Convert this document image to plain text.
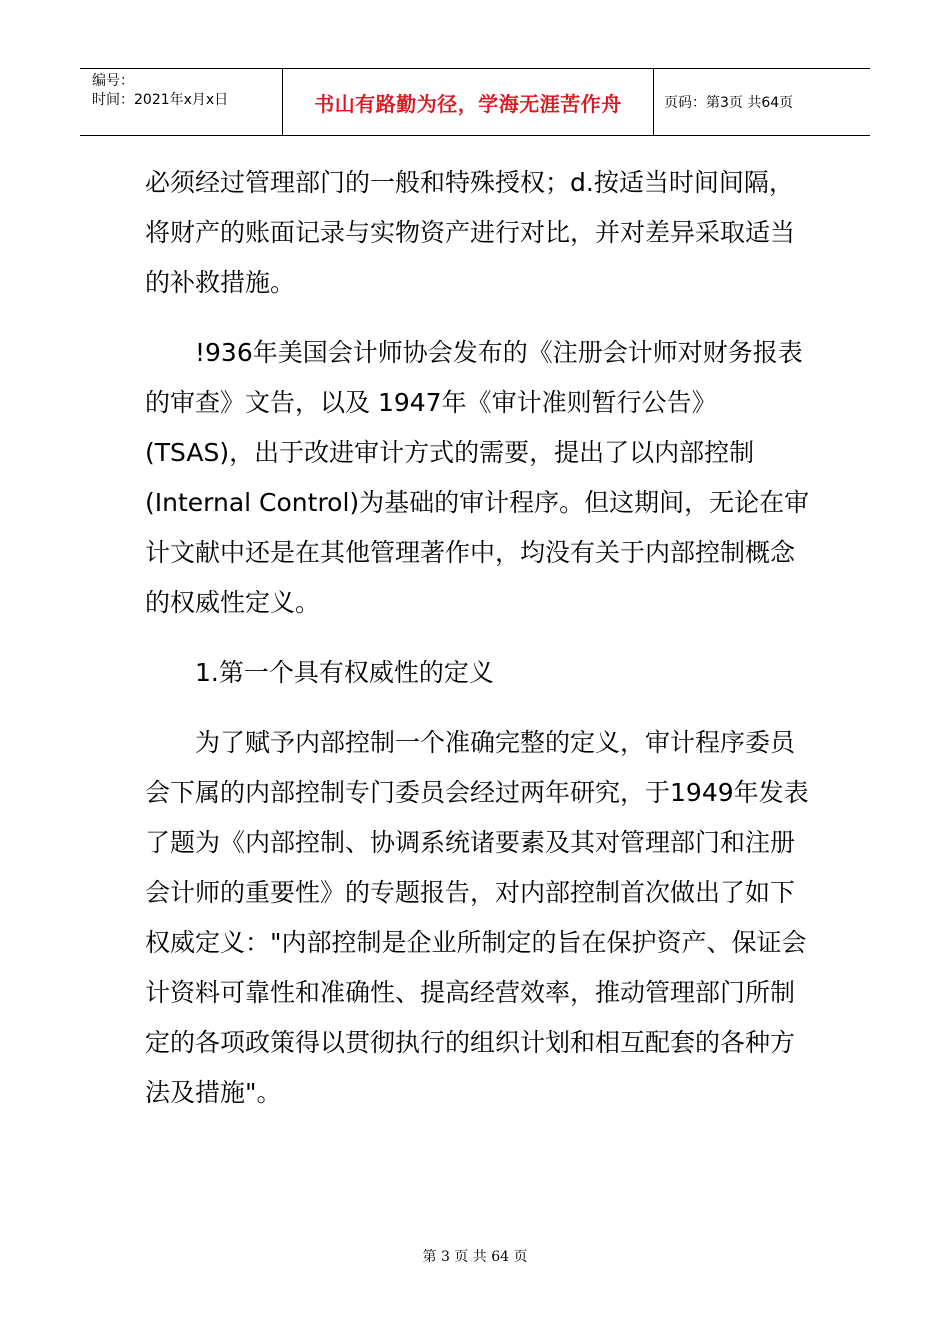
编号：
时间：2021年x月x日	书山有路勤为径，学海无涯苦作舟	页码：第3页 共64页

必须经过管理部门的一般和特殊授权；d.按适当时间间隔，将财产的账面记录与实物资产进行对比，并对差异采取适当的补救措施。

!936年美国会计师协会发布的《注册会计师对财务报表的审查》文告，以及 1947年《审计准则暂行公告》(TSAS)，出于改进审计方式的需要，提出了以内部控制(Internal Control)为基础的审计程序。但这期间，无论在审计文献中还是在其他管理著作中，均没有关于内部控制概念的权威性定义。

1.第一个具有权威性的定义

为了赋予内部控制一个准确完整的定义，审计程序委员会下属的内部控制专门委员会经过两年研究，于1949年发表了题为《内部控制、协调系统诸要素及其对管理部门和注册会计师的重要性》的专题报告，对内部控制首次做出了如下权威定义："内部控制是企业所制定的旨在保护资产、保证会计资料可靠性和准确性、提高经营效率，推动管理部门所制定的各项政策得以贯彻执行的组织计划和相互配套的各种方法及措施"。

第 3 页 共 64 页
